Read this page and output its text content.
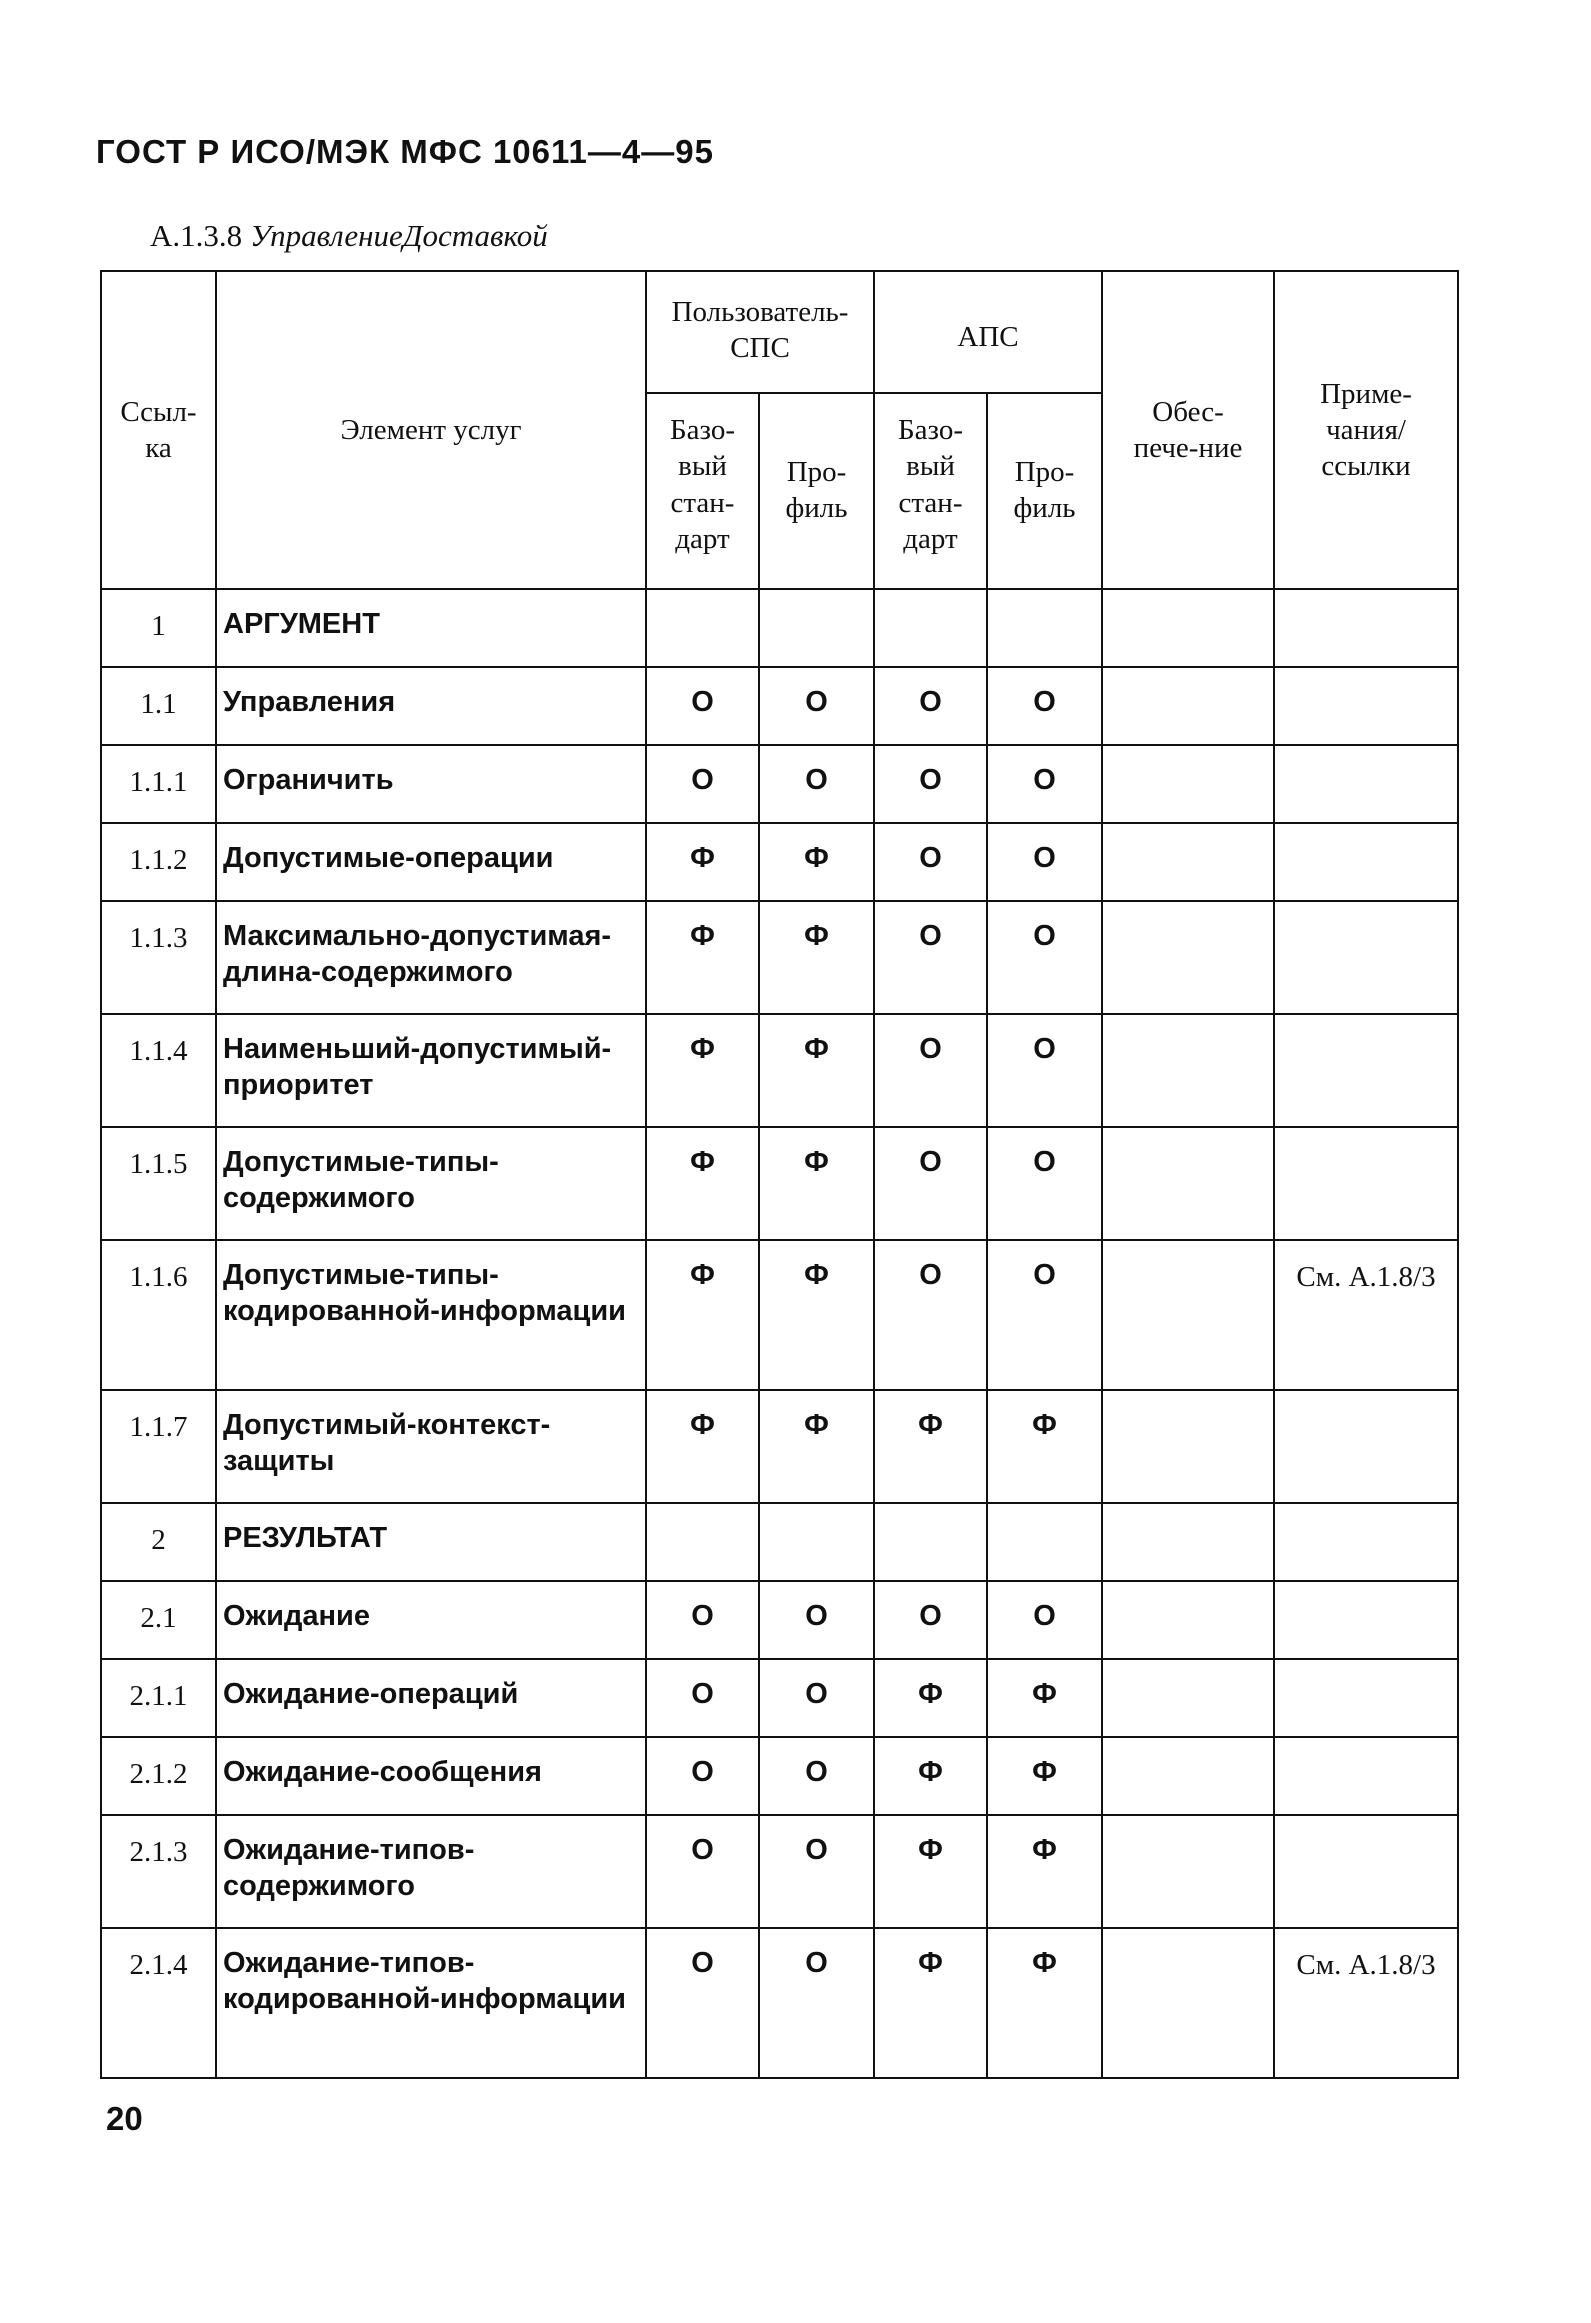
ГОСТ Р ИСО/МЭК МФС 10611—4—95
А.1.3.8 УправлениеДоставкой
Ссыл-ка	Элемент услуг	Пользователь-СПС		АПС		Обес-пече-ние	Приме-чания/ссылки
		Базо-вый стан-дарт	Про-филь	Базо-вый стан-дарт	Про-филь		
1	АРГУМЕНТ						
1.1	Управления	О	О	О	О		
1.1.1	Ограничить	О	О	О	О		
1.1.2	Допустимые-операции	Ф	Ф	О	О		
1.1.3	Максимально-допустимая-длина-содержимого	Ф	Ф	О	О		
1.1.4	Наименьший-допустимый-приоритет	Ф	Ф	О	О		
1.1.5	Допустимые-типы-содержимого	Ф	Ф	О	О		
1.1.6	Допустимые-типы-кодированной-информации	Ф	Ф	О	О		См. А.1.8/3
1.1.7	Допустимый-контекст-защиты	Ф	Ф	Ф	Ф		
2	РЕЗУЛЬТАТ						
2.1	Ожидание	О	О	О	О		
2.1.1	Ожидание-операций	О	О	Ф	Ф		
2.1.2	Ожидание-сообщения	О	О	Ф	Ф		
2.1.3	Ожидание-типов-содержимого	О	О	Ф	Ф		
2.1.4	Ожидание-типов-кодированной-информации	О	О	Ф	Ф		См. А.1.8/3
20
